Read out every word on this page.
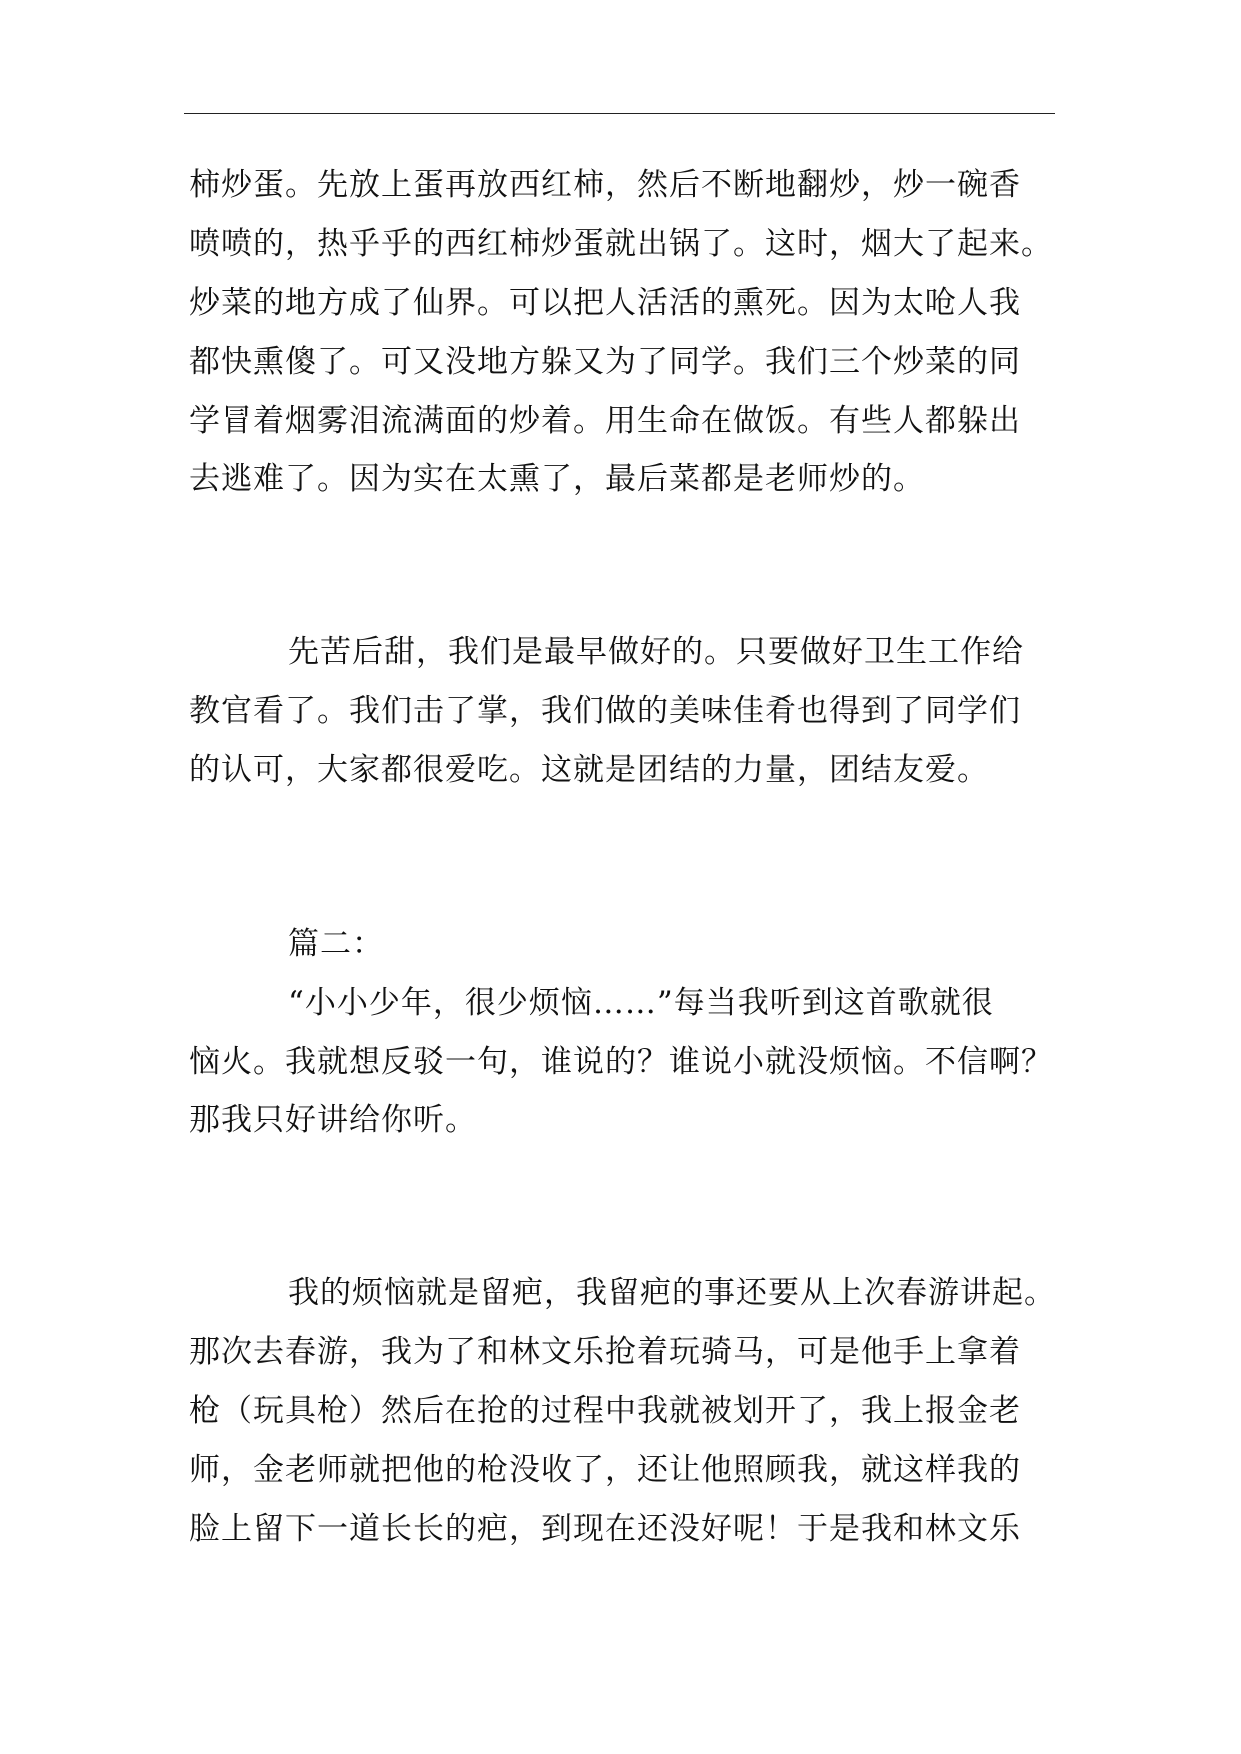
柿炒蛋。先放上蛋再放西红柿，然后不断地翻炒，炒一碗香
喷喷的，热乎乎的西红柿炒蛋就出锅了。这时，烟大了起来。
炒菜的地方成了仙界。可以把人活活的熏死。因为太呛人我
都快熏傻了。可又没地方躲又为了同学。我们三个炒菜的同
学冒着烟雾泪流满面的炒着。用生命在做饭。有些人都躲出
去逃难了。因为实在太熏了，最后菜都是老师炒的。
先苦后甜，我们是最早做好的。只要做好卫生工作给
教官看了。我们击了掌，我们做的美味佳肴也得到了同学们
的认可，大家都很爱吃。这就是团结的力量，团结友爱。
篇二：
“小小少年，很少烦恼……”每当我听到这首歌就很
恼火。我就想反驳一句，谁说的？谁说小就没烦恼。不信啊？
那我只好讲给你听。
我的烦恼就是留疤，我留疤的事还要从上次春游讲起。
那次去春游，我为了和林文乐抢着玩骑马，可是他手上拿着
枪（玩具枪）然后在抢的过程中我就被划开了，我上报金老
师，金老师就把他的枪没收了，还让他照顾我，就这样我的
脸上留下一道长长的疤，到现在还没好呢！于是我和林文乐
